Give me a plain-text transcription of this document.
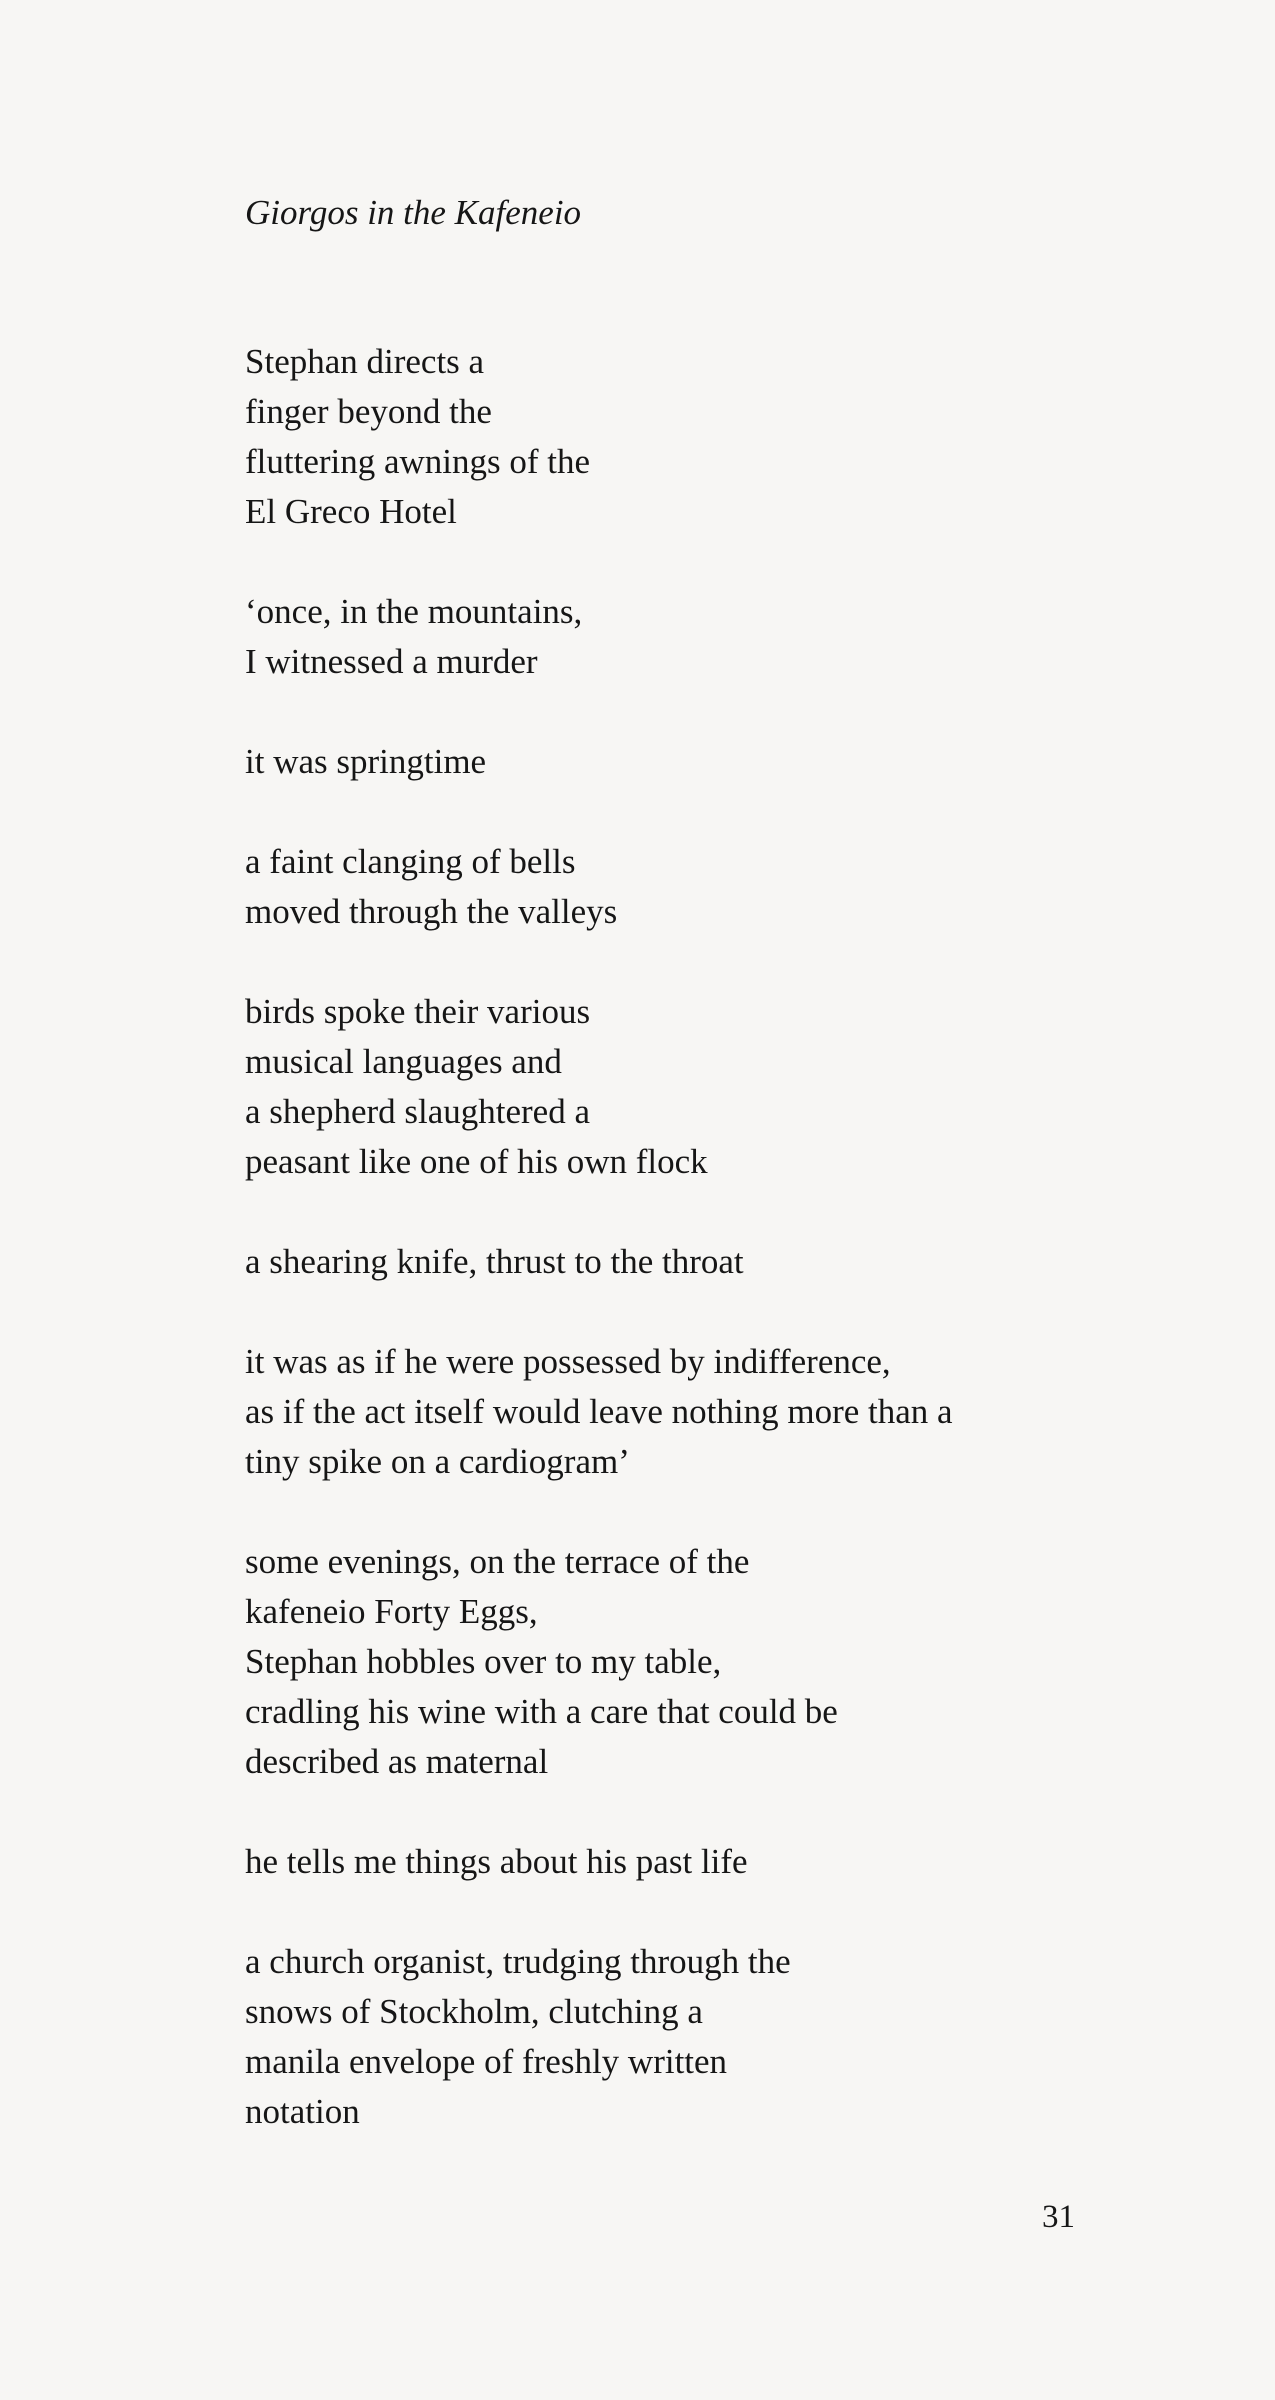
Giorgos in the Kafeneio
Stephan directs a
finger beyond the
fluttering awnings of the
El Greco Hotel
‘once, in the mountains,
I witnessed a murder
it was springtime
a faint clanging of bells
moved through the valleys
birds spoke their various
musical languages and
a shepherd slaughtered a
peasant like one of his own flock
a shearing knife, thrust to the throat
it was as if he were possessed by indifference,
as if the act itself would leave nothing more than a
tiny spike on a cardiogram’
some evenings, on the terrace of the
kafeneio Forty Eggs,
Stephan hobbles over to my table,
cradling his wine with a care that could be
described as maternal
he tells me things about his past life
a church organist, trudging through the
snows of Stockholm, clutching a
manila envelope of freshly written
notation
31
